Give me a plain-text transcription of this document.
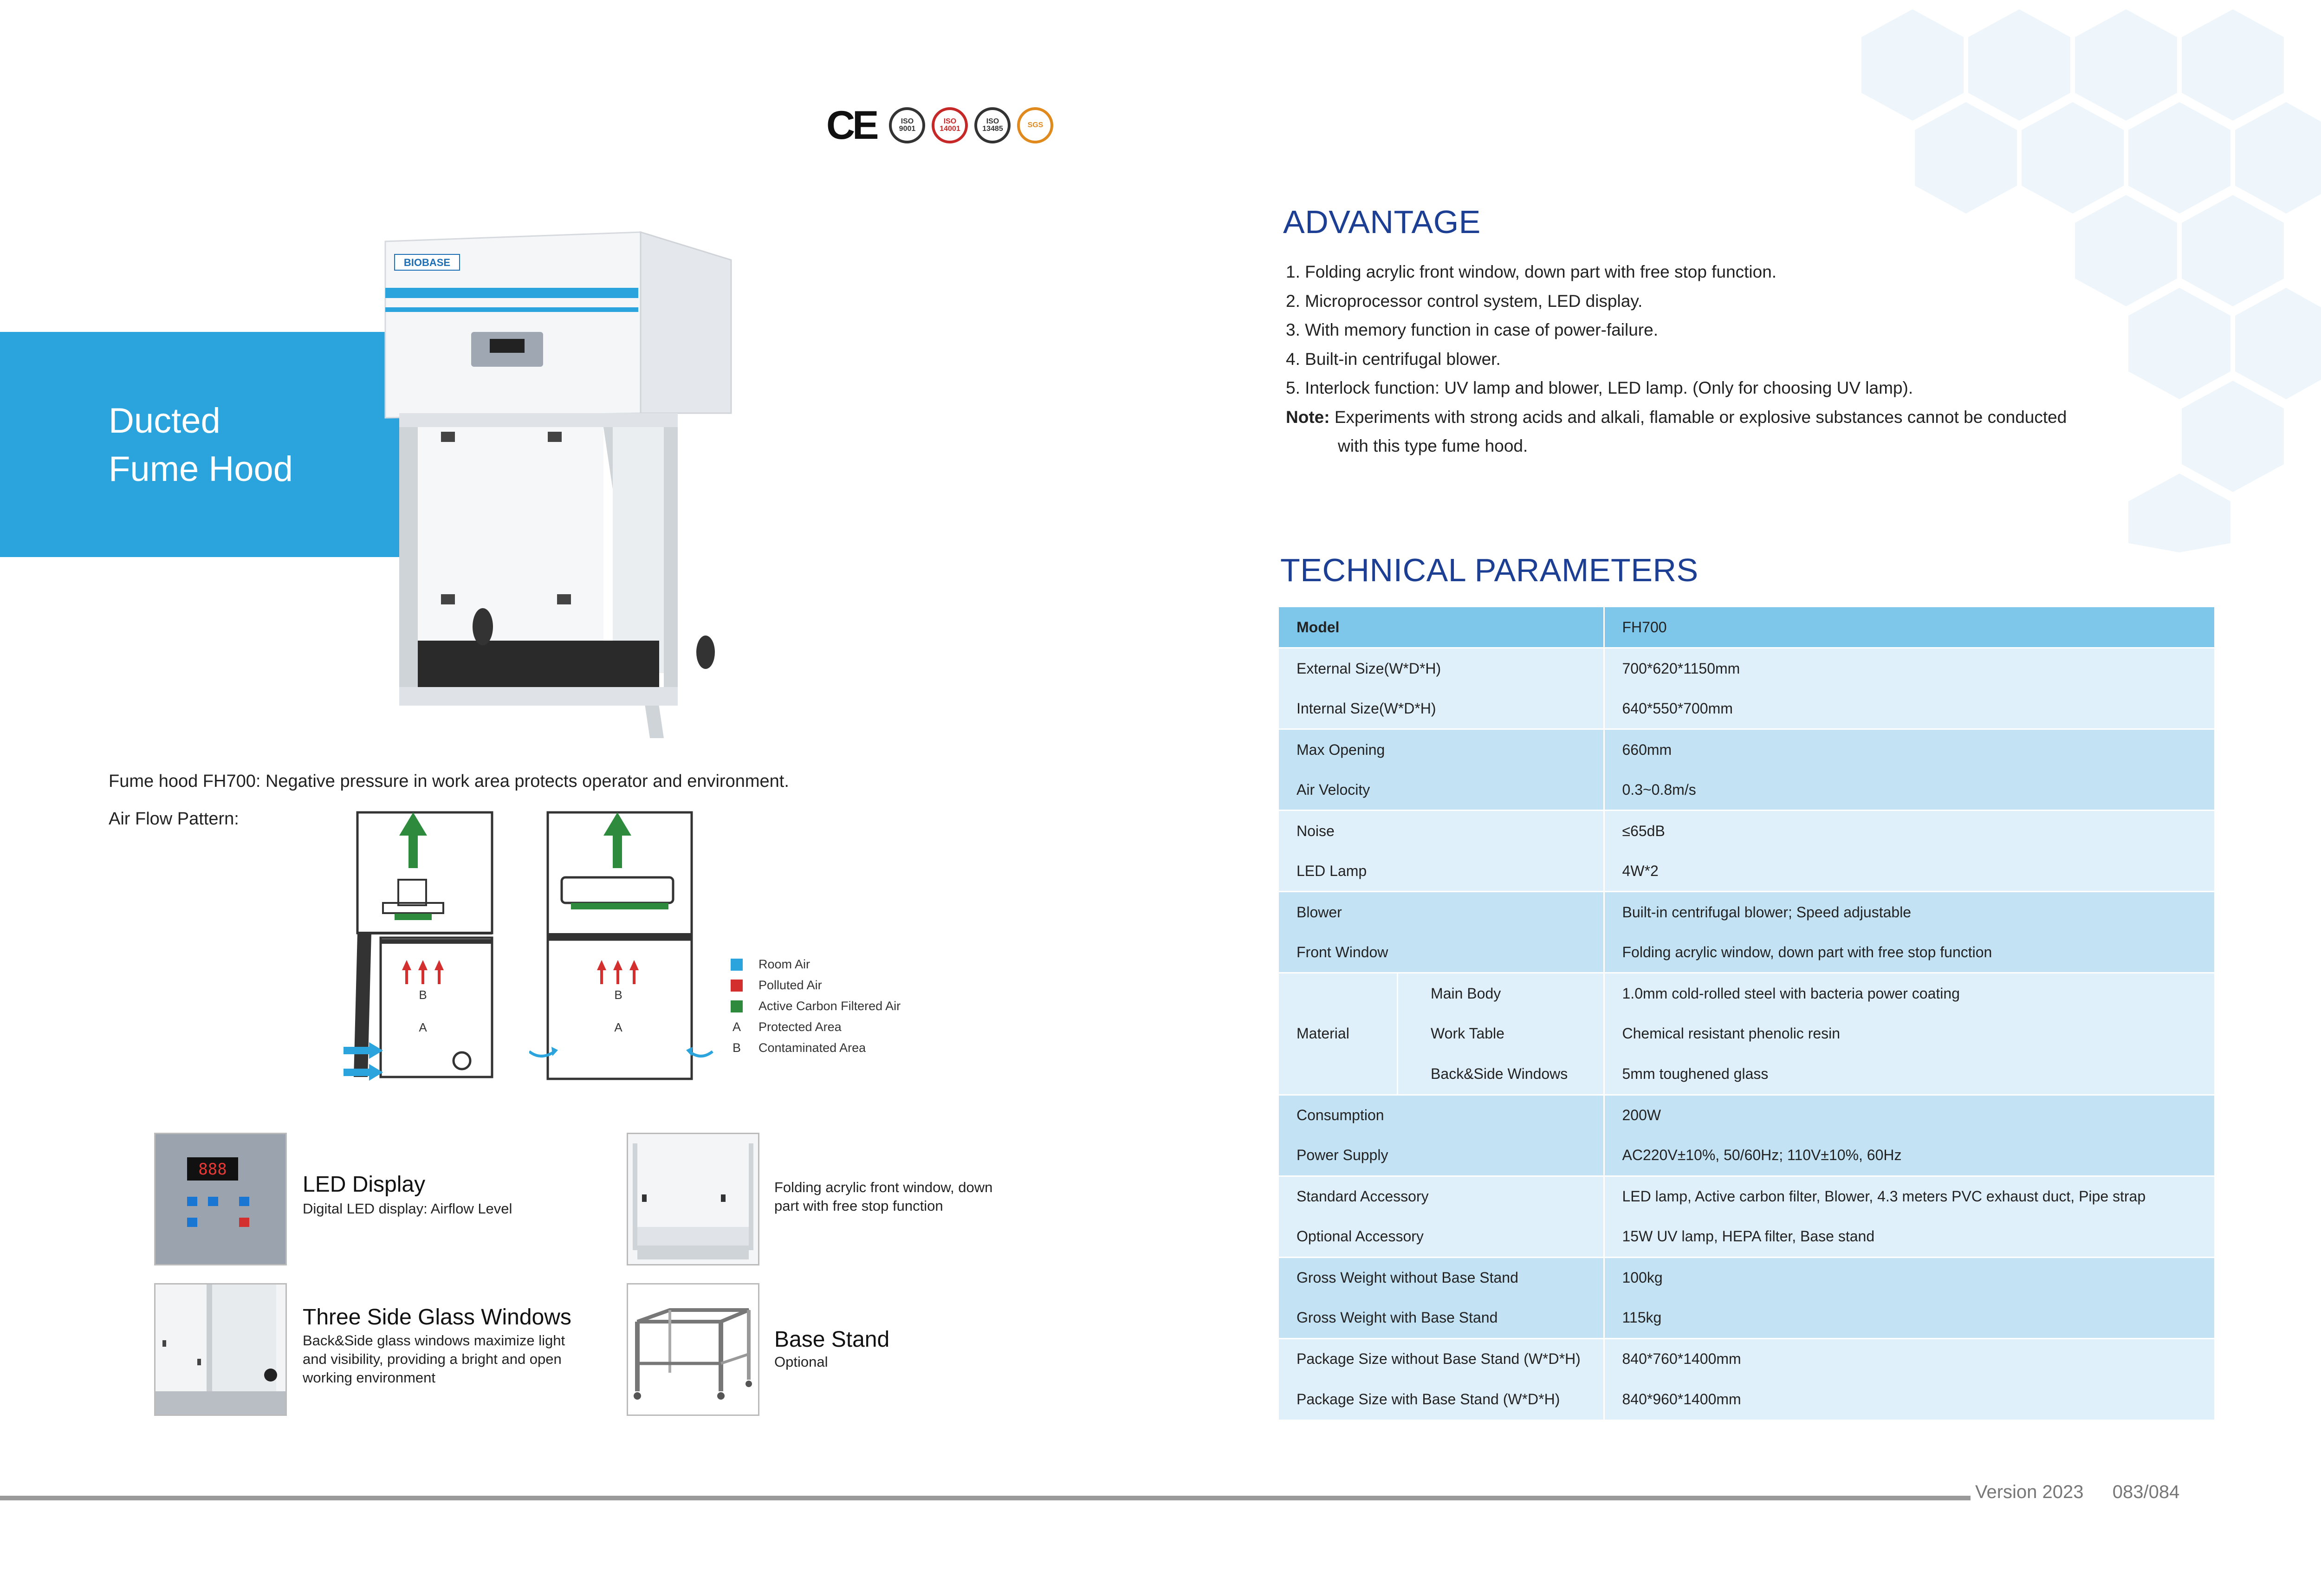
CE	ISO 9001
ISO 14001
ISO 13485	SGS
Ducted
Fume Hood
BIOBASE
Fume hood FH700: Negative pressure in work area protects operator and environment.
Air Flow Pattern:
B
A
B
A
Room Air
Polluted Air
Active Carbon Filtered Air
A Protected Area
B Contaminated Area
888
LED Display
Digital LED display: Airflow Level
Folding acrylic front window, down
part with free stop function
Three Side Glass Windows
Back&Side glass windows maximize light
and visibility, providing a bright and open
working environment
Base Stand
Optional
ADVANTAGE
1. Folding acrylic front window, down part with free stop function.
2. Microprocessor control system, LED display.
3. With memory function in case of power-failure.
4. Built-in centrifugal blower.
5. Interlock function: UV lamp and blower, LED lamp. (Only for choosing UV lamp).
Note: Experiments with strong acids and alkali, flamable or explosive substances cannot be conducted
with this type fume hood.
TECHNICAL PARAMETERS
Model		FH700
External Size(W*D*H)		700*620*1150mm
Internal Size(W*D*H)		640*550*700mm
Max Opening		660mm
Air Velocity		0.3~0.8m/s
Noise		≤65dB
LED Lamp		4W*2
Blower		Built-in centrifugal blower; Speed adjustable
Front Window		Folding acrylic window, down part with free stop function
Material	Main Body	1.0mm cold-rolled steel with bacteria power coating
	Work Table	Chemical resistant phenolic resin
	Back&Side Windows	5mm toughened glass
Consumption		200W
Power Supply		AC220V±10%, 50/60Hz; 110V±10%, 60Hz
Standard Accessory		LED lamp, Active carbon filter, Blower, 4.3 meters PVC exhaust duct, Pipe strap
Optional Accessory		15W UV lamp, HEPA filter, Base stand
Gross Weight without Base Stand		100kg
Gross Weight with Base Stand		115kg
Package Size without Base Stand (W*D*H)		840*760*1400mm
Package Size with Base Stand (W*D*H)		840*960*1400mm
Version 2023 083/084
